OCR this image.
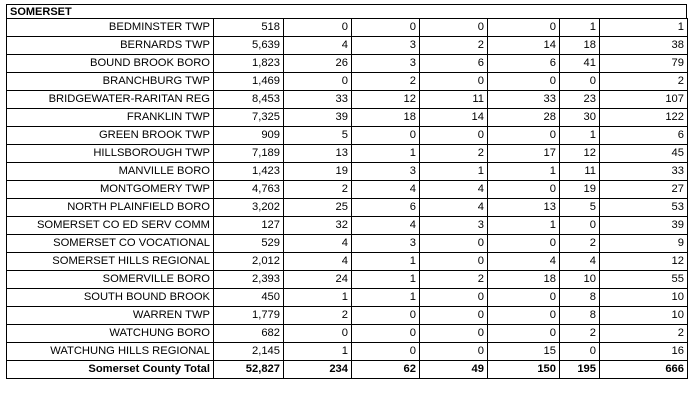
SOMERSET
BEDMINSTER TWP	518	0	0	0	0	1	1
BERNARDS TWP	5,639	4	3	2	14	18	38
BOUND BROOK BORO	1,823	26	3	6	6	41	79
BRANCHBURG TWP	1,469	0	2	0	0	0	2
BRIDGEWATER-RARITAN REG	8,453	33	12	11	33	23	107
FRANKLIN TWP	7,325	39	18	14	28	30	122
GREEN BROOK TWP	909	5	0	0	0	1	6
HILLSBOROUGH TWP	7,189	13	1	2	17	12	45
MANVILLE BORO	1,423	19	3	1	1	11	33
MONTGOMERY TWP	4,763	2	4	4	0	19	27
NORTH PLAINFIELD BORO	3,202	25	6	4	13	5	53
SOMERSET CO ED SERV COMM	127	32	4	3	1	0	39
SOMERSET CO VOCATIONAL	529	4	3	0	0	2	9
SOMERSET HILLS REGIONAL	2,012	4	1	0	4	4	12
SOMERVILLE BORO	2,393	24	1	2	18	10	55
SOUTH BOUND BROOK	450	1	1	0	0	8	10
WARREN TWP	1,779	2	0	0	0	8	10
WATCHUNG BORO	682	0	0	0	0	2	2
WATCHUNG HILLS REGIONAL	2,145	1	0	0	15	0	16
Somerset County Total	52,827	234	62	49	150	195	666
